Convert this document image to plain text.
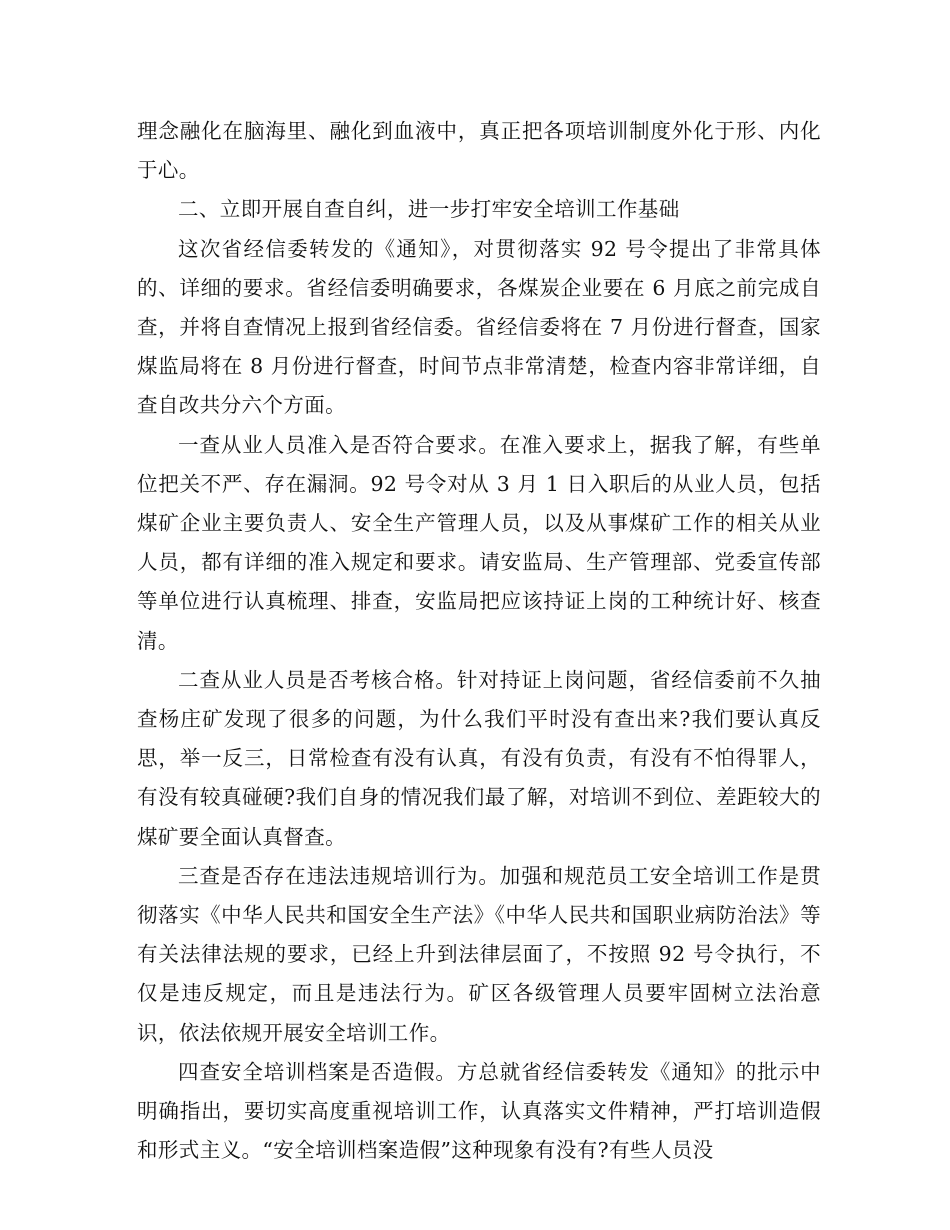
理念融化在脑海里、融化到血液中，真正把各项培训制度外化于形、内化于心。

二、立即开展自查自纠，进一步打牢安全培训工作基础

这次省经信委转发的《通知》，对贯彻落实 92 号令提出了非常具体的、详细的要求。省经信委明确要求，各煤炭企业要在 6 月底之前完成自查，并将自查情况上报到省经信委。省经信委将在 7 月份进行督查，国家煤监局将在 8 月份进行督查，时间节点非常清楚，检查内容非常详细，自查自改共分六个方面。

一查从业人员准入是否符合要求。在准入要求上，据我了解，有些单位把关不严、存在漏洞。92 号令对从 3 月 1 日入职后的从业人员，包括煤矿企业主要负责人、安全生产管理人员，以及从事煤矿工作的相关从业人员，都有详细的准入规定和要求。请安监局、生产管理部、党委宣传部等单位进行认真梳理、排查，安监局把应该持证上岗的工种统计好、核查清。

二查从业人员是否考核合格。针对持证上岗问题，省经信委前不久抽查杨庄矿发现了很多的问题，为什么我们平时没有查出来?我们要认真反思，举一反三，日常检查有没有认真，有没有负责，有没有不怕得罪人，有没有较真碰硬?我们自身的情况我们最了解，对培训不到位、差距较大的煤矿要全面认真督查。

三查是否存在违法违规培训行为。加强和规范员工安全培训工作是贯彻落实《中华人民共和国安全生产法》《中华人民共和国职业病防治法》等有关法律法规的要求，已经上升到法律层面了，不按照 92 号令执行，不仅是违反规定，而且是违法行为。矿区各级管理人员要牢固树立法治意识，依法依规开展安全培训工作。

四查安全培训档案是否造假。方总就省经信委转发《通知》的批示中明确指出，要切实高度重视培训工作，认真落实文件精神，严打培训造假和形式主义。“安全培训档案造假”这种现象有没有?有些人员没
